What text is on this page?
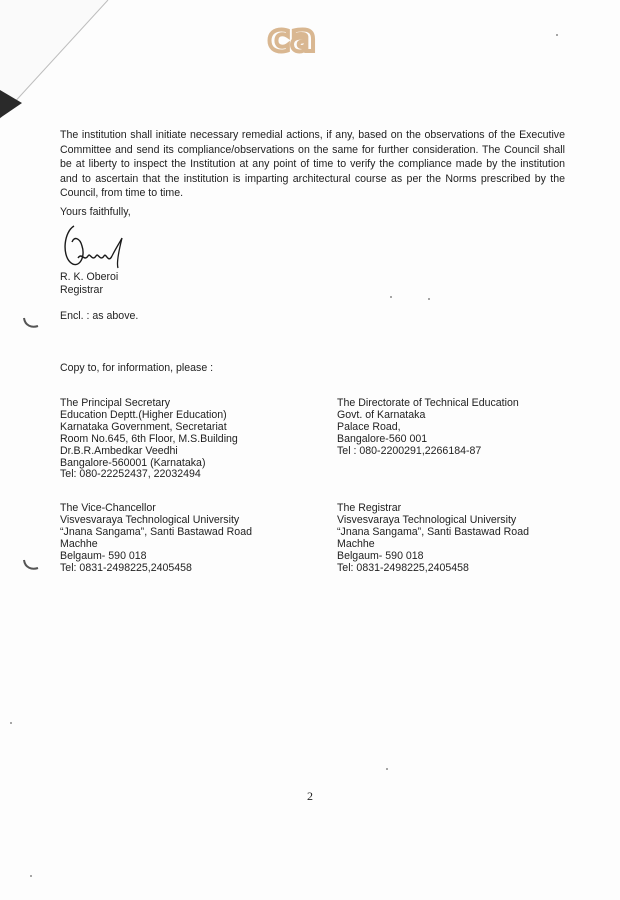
ca

The institution shall initiate necessary remedial actions, if any, based on the observations of the Executive Committee and send its compliance/observations on the same for further consideration. The Council shall be at liberty to inspect the Institution at any point of time to verify the compliance made by the institution and to ascertain that the institution is imparting architectural course as per the Norms prescribed by the Council, from time to time.

Yours faithfully,
R. K. Oberoi
Registrar
Encl. : as above.
Copy to, for information, please :
The Principal Secretary
Education Deptt.(Higher Education)
Karnataka Government, Secretariat
Room No.645, 6th Floor, M.S.Building
Dr.B.R.Ambedkar Veedhi
Bangalore-560001 (Karnataka)
Tel: 080-22252437, 22032494
The Directorate of Technical Education
Govt. of Karnataka
Palace Road,
Bangalore-560 001
Tel : 080-2200291,2266184-87
The Vice-Chancellor
Visvesvaraya Technological University
“Jnana Sangama”, Santi Bastawad Road
Machhe
Belgaum- 590 018
Tel: 0831-2498225,2405458
The Registrar
Visvesvaraya Technological University
“Jnana Sangama”, Santi Bastawad Road
Machhe
Belgaum- 590 018
Tel: 0831-2498225,2405458
2
